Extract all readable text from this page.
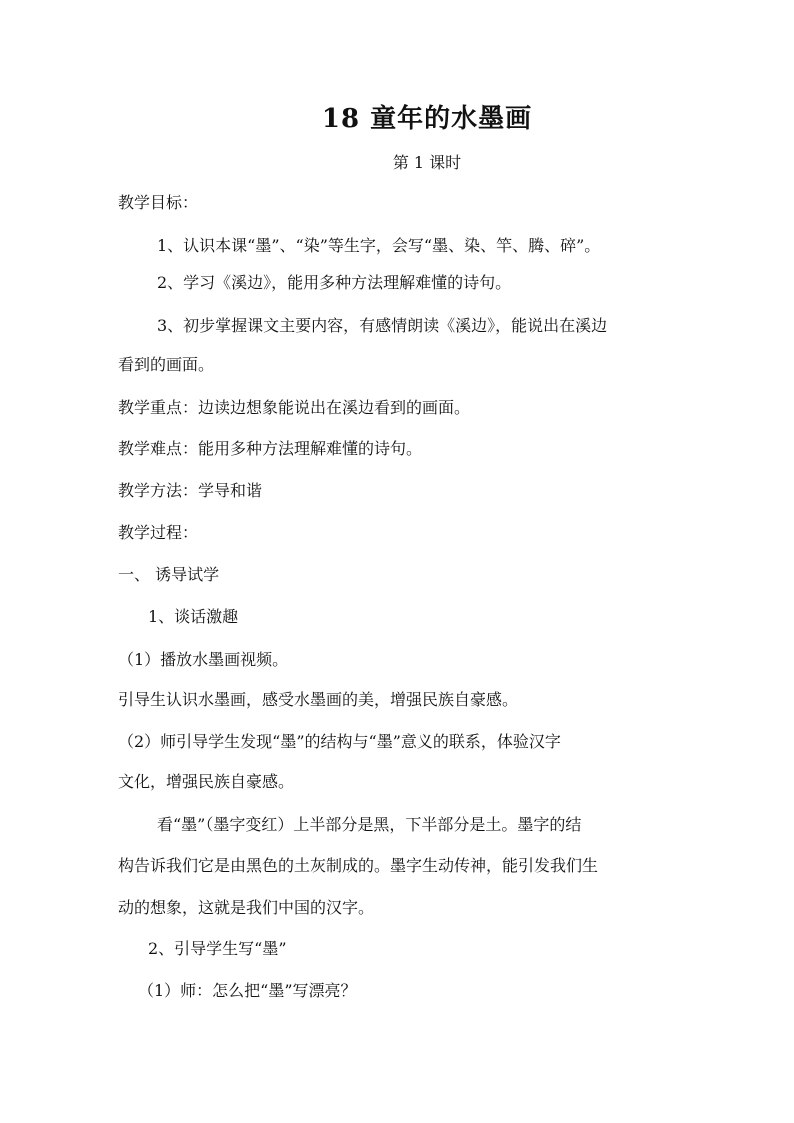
18 童年的水墨画
第 1 课时
教学目标：
1、认识本课“墨”、“染”等生字，会写“墨、染、竿、腾、碎”。
2、学习《溪边》，能用多种方法理解难懂的诗句。
3、初步掌握课文主要内容，有感情朗读《溪边》，能说出在溪边
看到的画面。
教学重点：边读边想象能说出在溪边看到的画面。
教学难点：能用多种方法理解难懂的诗句。
教学方法：学导和谐
教学过程：
一、 诱导试学
1、谈话激趣
（1）播放水墨画视频。
引导生认识水墨画，感受水墨画的美，增强民族自豪感。
（2）师引导学生发现“墨”的结构与“墨”意义的联系，体验汉字
文化，增强民族自豪感。
看“墨”（墨字变红）上半部分是黑，下半部分是土。墨字的结
构告诉我们它是由黑色的土灰制成的。墨字生动传神，能引发我们生
动的想象，这就是我们中国的汉字。
2、引导学生写“墨”
（1）师：怎么把“墨”写漂亮？
